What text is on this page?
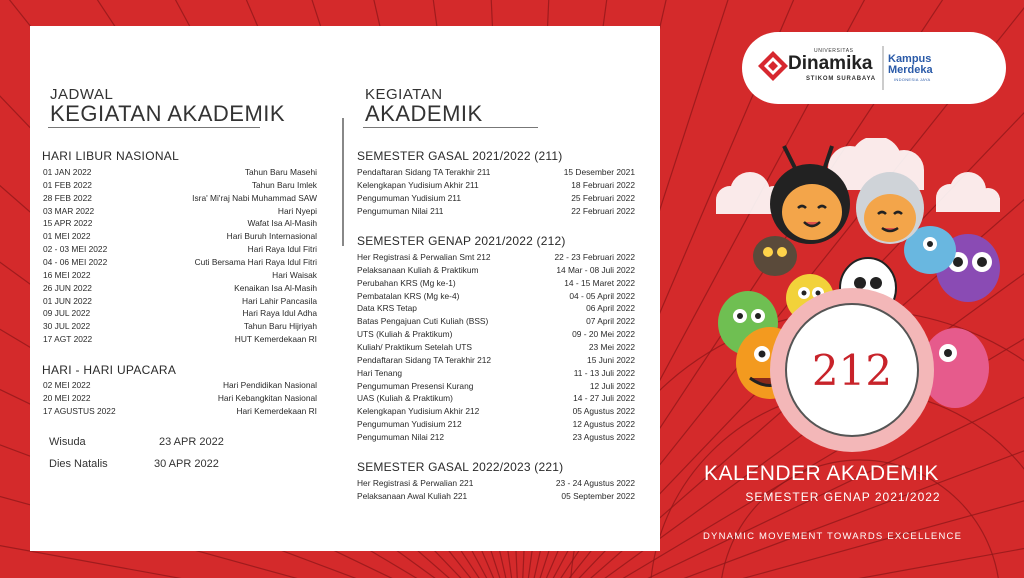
JADWAL
KEGIATAN AKADEMIK
HARI LIBUR NASIONAL
01 JAN 2022	Tahun Baru Masehi
01 FEB 2022	Tahun Baru Imlek
28 FEB 2022	Isra' Mi'raj Nabi Muhammad SAW
03 MAR 2022	Hari Nyepi
15 APR 2022	Wafat Isa Al-Masih
01 MEI 2022	Hari Buruh Internasional
02 - 03 MEI 2022	Hari Raya Idul Fitri
04 - 06 MEI 2022	Cuti Bersama Hari Raya Idul Fitri
16 MEI 2022	Hari Waisak
26 JUN 2022	Kenaikan Isa Al-Masih
01 JUN 2022	Hari Lahir Pancasila
09 JUL 2022	Hari Raya Idul Adha
30 JUL 2022	Tahun Baru Hijriyah
17 AGT 2022	HUT Kemerdekaan RI
HARI - HARI UPACARA
02 MEI 2022	Hari Pendidikan Nasional
20 MEI 2022	Hari Kebangkitan Nasional
17 AGUSTUS 2022	Hari Kemerdekaan RI
Wisuda	23 APR 2022
Dies Natalis	30 APR 2022
KEGIATAN
AKADEMIK
SEMESTER GASAL 2021/2022 (211)
Pendaftaran Sidang TA Terakhir 211	15 Desember 2021
Kelengkapan Yudisium Akhir 211	18 Februari 2022
Pengumuman Yudisium 211	25 Februari 2022
Pengumuman Nilai 211	22 Februari 2022
SEMESTER GENAP 2021/2022 (212)
Her Registrasi & Perwalian Smt 212	22 - 23 Februari 2022
Pelaksanaan Kuliah & Praktikum	14 Mar - 08 Juli 2022
Perubahan KRS (Mg ke-1)	14 - 15 Maret 2022
Pembatalan KRS (Mg ke-4)	04 - 05 April 2022
Data KRS Tetap	06 April 2022
Batas Pengajuan Cuti Kuliah (BSS)	07 April 2022
UTS (Kuliah & Praktikum)	09 - 20 Mei 2022
Kuliah/ Praktikum Setelah UTS	23 Mei 2022
Pendaftaran Sidang TA Terakhir 212	15 Juni 2022
Hari Tenang	11 - 13 Juli 2022
Pengumuman Presensi Kurang	12 Juli 2022
UAS (Kuliah & Praktikum)	14 - 27 Juli 2022
Kelengkapan Yudisium Akhir 212	05 Agustus 2022
Pengumuman Yudisium 212	12 Agustus 2022
Pengumuman Nilai 212	23 Agustus 2022
SEMESTER GASAL 2022/2023 (221)
Her Registrasi & Perwalian 221	23 - 24 Agustus 2022
Pelaksanaan Awal Kuliah 221	05 September 2022
UNIVERSITAS
Dinamika
STIKOM SURABAYA
Kampus
Merdeka
INDONESIA JAYA
212
KALENDER AKADEMIK
SEMESTER GENAP 2021/2022
DYNAMIC MOVEMENT TOWARDS EXCELLENCE
